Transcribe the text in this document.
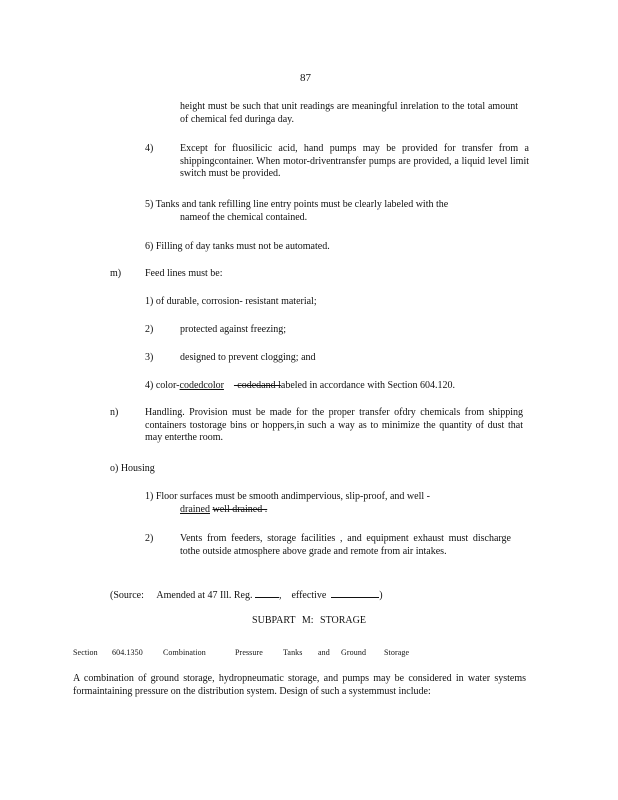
87
height must be such that unit readings are meaningful inrelation to the total amount of chemical fed duringa day.
4)	Except for fluosilicic acid, hand pumps may be provided for transfer from a shippingcontainer. When motor-driventransfer pumps are provided, a liquid level limit switch must be provided.
5) Tanks and tank refilling line entry points must be clearly labeled with the
nameof the chemical contained.
6) Filling of day tanks must not be automated.
m) Feed lines must be:
1) of durable, corrosion- resistant material;
2)	protected against freezing;
3)	designed to prevent clogging; and
4) color-codedcolor -codedand labeled in accordance with Section 604.120.
n)	Handling. Provision must be made for the proper transfer ofdry chemicals from shipping containers tostorage bins or hoppers,in such a way as to minimize the quantity of dust that may enterthe room.
o) Housing
1) Floor surfaces must be smooth andimpervious, slip-proof, and well -
drained well drained .
2)	Vents from feeders, storage facilities , and equipment exhaust must discharge tothe outside atmosphere above grade and remote from air intakes.
(Source: Amended at 47 Ill. Reg.	, effective	)
SUBPART M: STORAGE
Section 604.1350	Combination	Pressure	Tanks and Ground Storage
A combination of ground storage, hydropneumatic storage, and pumps may be considered in water systems formaintaining pressure on the distribution system. Design of such a systemmust include:
